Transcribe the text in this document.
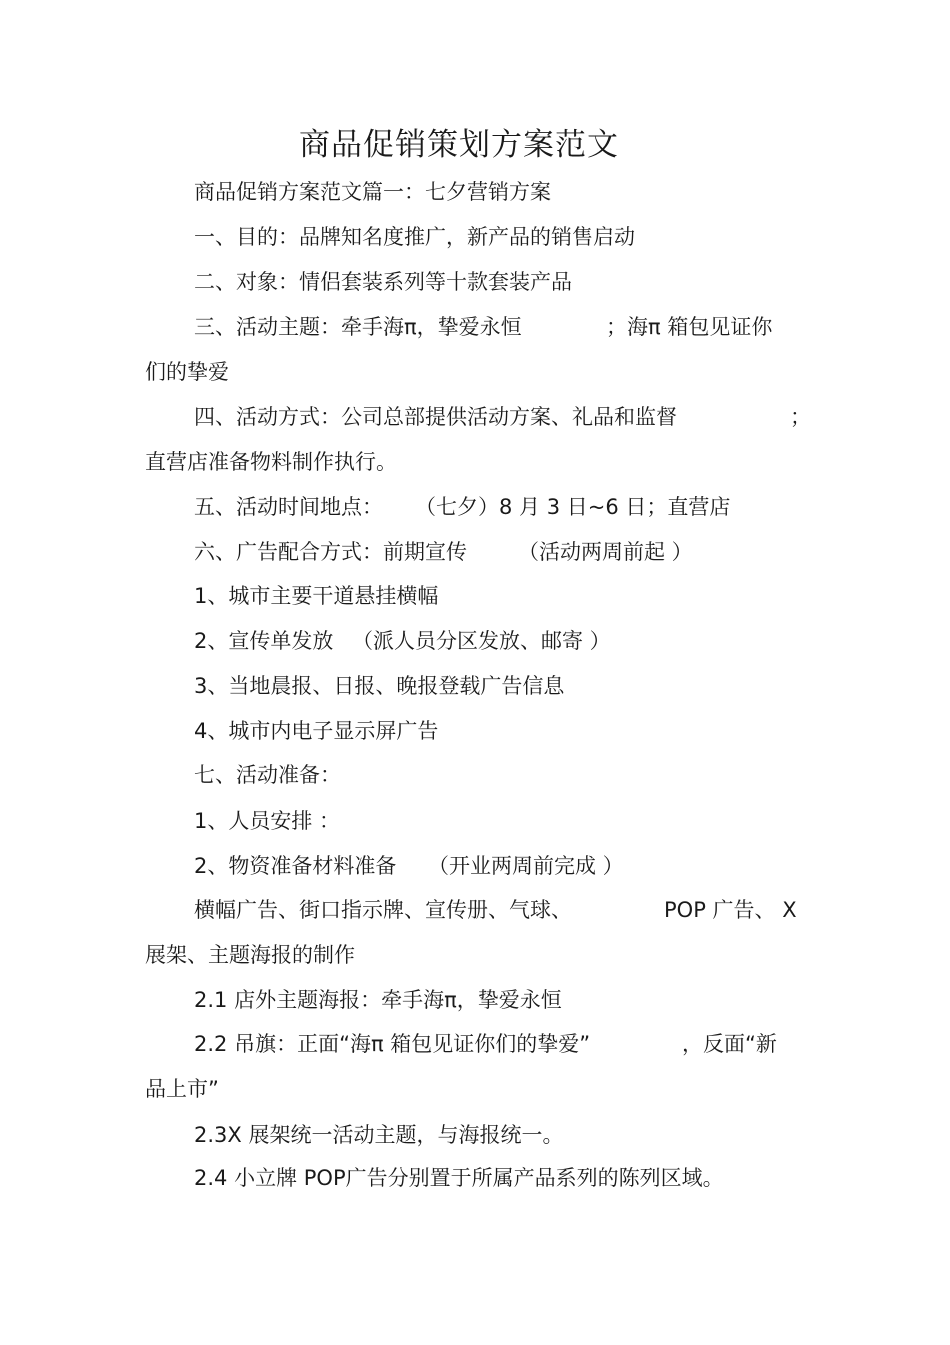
商品促销策划方案范文
商品促销方案范文篇一：七夕营销方案
一、目的：品牌知名度推广，新产品的销售启动
二、对象：情侣套装系列等十款套装产品
三、活动主题：牵手海π，挚爱永恒	；海π 箱包见证你
们的挚爱
四、活动方式：公司总部提供活动方案、礼品和监督	；
直营店准备物料制作执行。
五、活动时间地点： （七夕）8 月 3 日~6 日；直营店
六、广告配合方式：前期宣传 （活动两周前起 ）
1、城市主要干道悬挂横幅
2、宣传单发放 （派人员分区发放、邮寄 ）
3、当地晨报、日报、晚报登载广告信息
4、城市内电子显示屏广告
七、活动准备：
1、人员安排 ：
2、物资准备材料准备 （开业两周前完成 ）
横幅广告、街口指示牌、宣传册、气球、	POP 广告、 X
展架、主题海报的制作
2.1 店外主题海报：牵手海π，挚爱永恒
2.2 吊旗：正面“海π 箱包见证你们的挚爱”	，反面“新
品上市”
2.3X 展架统一活动主题，与海报统一。
2.4 小立牌 POP广告分别置于所属产品系列的陈列区域。
